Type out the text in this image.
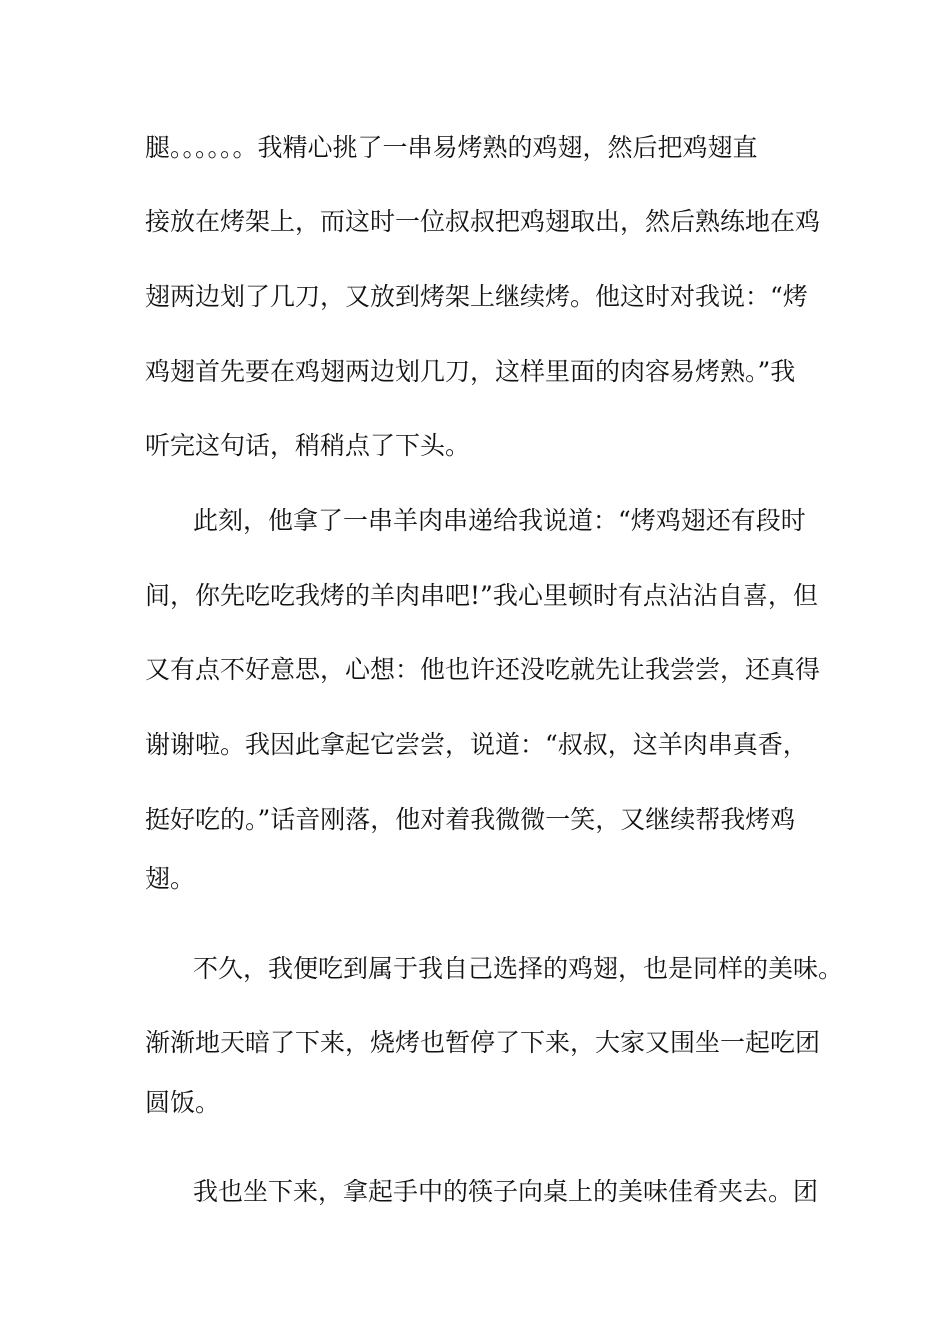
腿。。。。。。我精心挑了一串易烤熟的鸡翅，然后把鸡翅直
接放在烤架上，而这时一位叔叔把鸡翅取出，然后熟练地在鸡
翅两边划了几刀，又放到烤架上继续烤。他这时对我说：“烤
鸡翅首先要在鸡翅两边划几刀，这样里面的肉容易烤熟。”我
听完这句话，稍稍点了下头。
此刻，他拿了一串羊肉串递给我说道：“烤鸡翅还有段时
间，你先吃吃我烤的羊肉串吧!”我心里顿时有点沾沾自喜，但
又有点不好意思，心想：他也许还没吃就先让我尝尝，还真得
谢谢啦。我因此拿起它尝尝，说道：“叔叔，这羊肉串真香，
挺好吃的。”话音刚落，他对着我微微一笑，又继续帮我烤鸡
翅。
不久，我便吃到属于我自己选择的鸡翅，也是同样的美味。
渐渐地天暗了下来，烧烤也暂停了下来，大家又围坐一起吃团
圆饭。
我也坐下来，拿起手中的筷子向桌上的美味佳肴夹去。团
